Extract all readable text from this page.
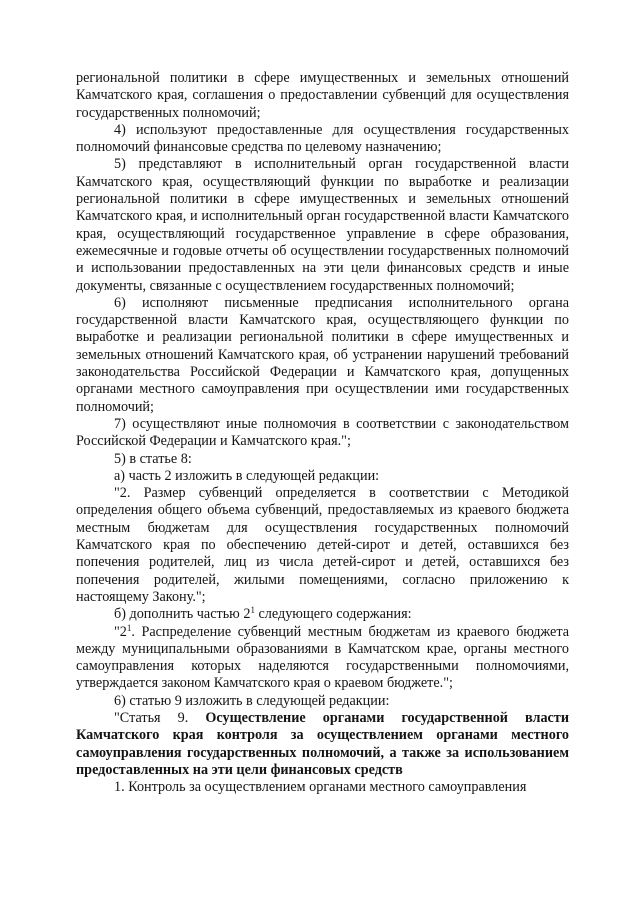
региональной политики в сфере имущественных и земельных отношений Камчатского края, соглашения о предоставлении субвенций для осуществления государственных полномочий;

4) используют предоставленные для осуществления государственных полномочий финансовые средства по целевому назначению;

5) представляют в исполнительный орган государственной власти Камчатского края, осуществляющий функции по выработке и реализации региональной политики в сфере имущественных и земельных отношений Камчатского края, и исполнительный орган государственной власти Камчатского края, осуществляющий государственное управление в сфере образования, ежемесячные и годовые отчеты об осуществлении государственных полномочий и использовании предоставленных на эти цели финансовых средств и иные документы, связанные с осуществлением государственных полномочий;

6) исполняют письменные предписания исполнительного органа государственной власти Камчатского края, осуществляющего функции по выработке и реализации региональной политики в сфере имущественных и земельных отношений Камчатского края, об устранении нарушений требований законодательства Российской Федерации и Камчатского края, допущенных органами местного самоуправления при осуществлении ими государственных полномочий;

7) осуществляют иные полномочия в соответствии с законодательством Российской Федерации и Камчатского края.";

5) в статье 8:

а) часть 2 изложить в следующей редакции:

"2. Размер субвенций определяется в соответствии с Методикой определения общего объема субвенций, предоставляемых из краевого бюджета местным бюджетам для осуществления государственных полномочий Камчатского края по обеспечению детей-сирот и детей, оставшихся без попечения родителей, лиц из числа детей-сирот и детей, оставшихся без попечения родителей, жилыми помещениями, согласно приложению к настоящему Закону.";

б) дополнить частью $2^1$ следующего содержания:

"$2^1$. Распределение субвенций местным бюджетам из краевого бюджета между муниципальными образованиями в Камчатском крае, органы местного самоуправления которых наделяются государственными полномочиями, утверждается законом Камчатского края о краевом бюджете.";

6) статью 9 изложить в следующей редакции:

"Статья 9. Осуществление органами государственной власти Камчатского края контроля за осуществлением органами местного самоуправления государственных полномочий, а также за использованием предоставленных на эти цели финансовых средств

1. Контроль за осуществлением органами местного самоуправления
